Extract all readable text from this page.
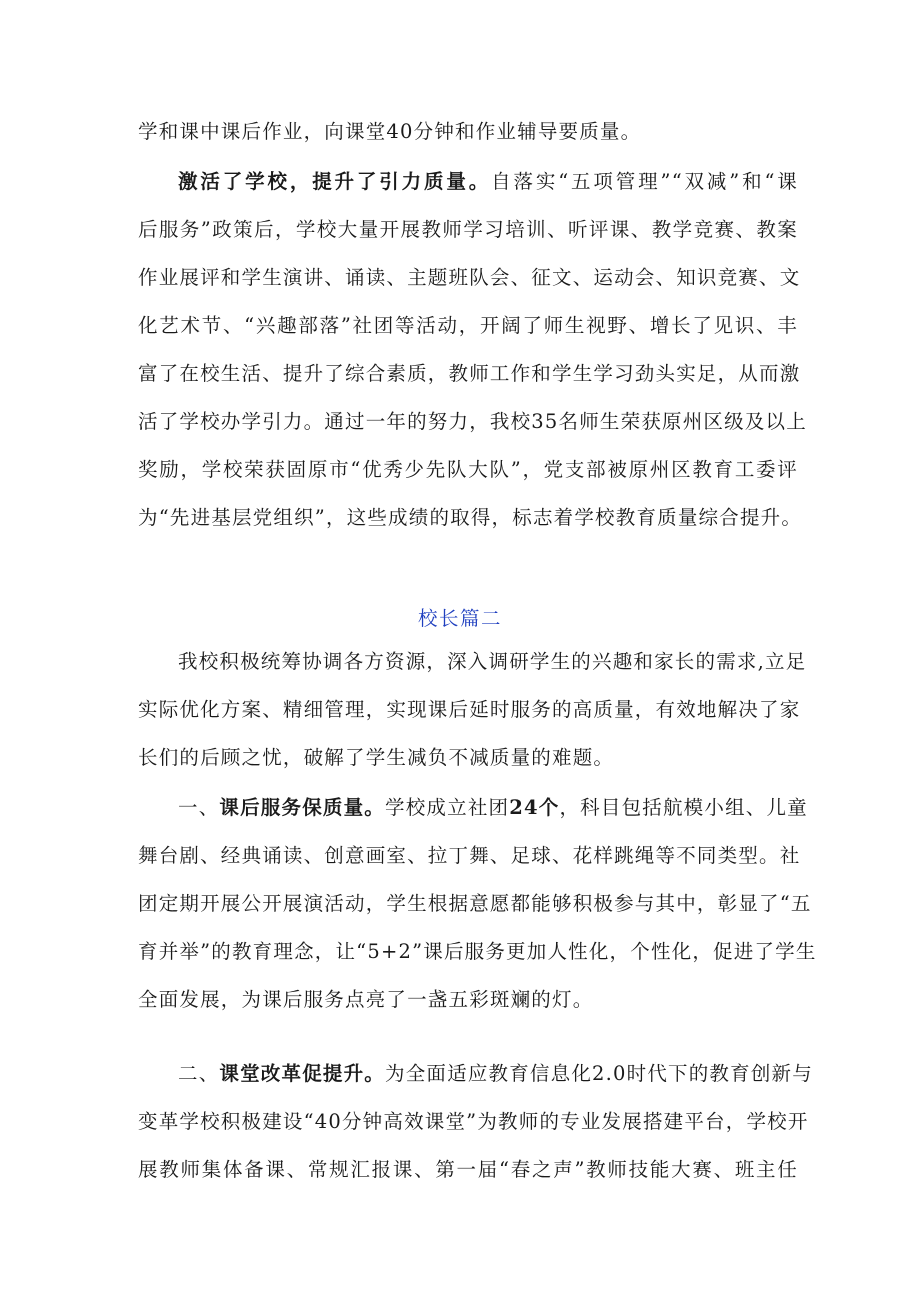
学和课中课后作业，向课堂40分钟和作业辅导要质量。
激活了学校，提升了引力质量。自落实“五项管理”“双减”和“课
后服务”政策后，学校大量开展教师学习培训、听评课、教学竞赛、教案
作业展评和学生演讲、诵读、主题班队会、征文、运动会、知识竞赛、文
化艺术节、“兴趣部落”社团等活动，开阔了师生视野、增长了见识、丰
富了在校生活、提升了综合素质，教师工作和学生学习劲头实足，从而激
活了学校办学引力。通过一年的努力，我校35名师生荣获原州区级及以上
奖励，学校荣获固原市“优秀少先队大队”，党支部被原州区教育工委评
为“先进基层党组织”，这些成绩的取得，标志着学校教育质量综合提升。
校长篇二
我校积极统筹协调各方资源，深入调研学生的兴趣和家长的需求,立足
实际优化方案、精细管理，实现课后延时服务的高质量，有效地解决了家
长们的后顾之忧，破解了学生减负不减质量的难题。
一、课后服务保质量。学校成立社团24个，科目包括航模小组、儿童
舞台剧、经典诵读、创意画室、拉丁舞、足球、花样跳绳等不同类型。社
团定期开展公开展演活动，学生根据意愿都能够积极参与其中，彰显了“五
育并举”的教育理念，让“5+2”课后服务更加人性化，个性化，促进了学生
全面发展，为课后服务点亮了一盏五彩斑斓的灯。
二、课堂改革促提升。为全面适应教育信息化2.0时代下的教育创新与
变革学校积极建设“40分钟高效课堂”为教师的专业发展搭建平台，学校开
展教师集体备课、常规汇报课、第一届“春之声”教师技能大赛、班主任
